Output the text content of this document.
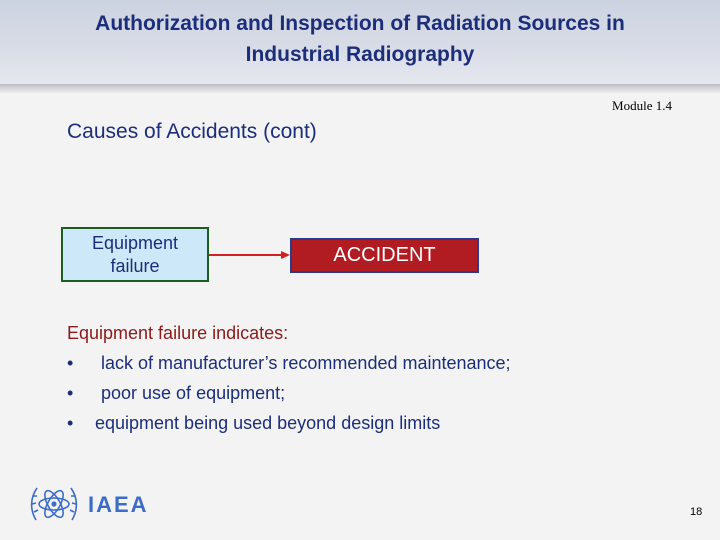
Authorization and Inspection of Radiation Sources in
Industrial Radiography
Module 1.4
Causes of Accidents (cont)
Equipment
failure	ACCIDENT
Equipment failure indicates:
•	lack of manufacturer’s recommended maintenance;
•	poor use of equipment;
•	equipment being used beyond design limits
IAEA	18
